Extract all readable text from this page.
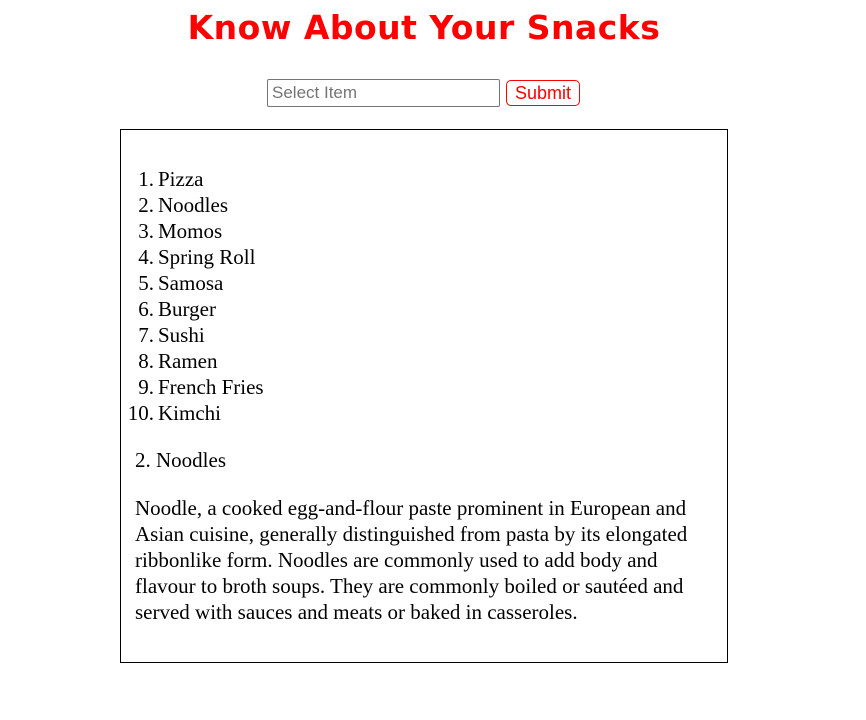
Know About Your Snacks
Select Item
Submit
1. Pizza
2. Noodles
3. Momos
4. Spring Roll
5. Samosa
6. Burger
7. Sushi
8. Ramen
9. French Fries
10. Kimchi

2. Noodles

Noodle, a cooked egg-and-flour paste prominent in European and Asian cuisine, generally distinguished from pasta by its elongated ribbonlike form. Noodles are commonly used to add body and flavour to broth soups. They are commonly boiled or sautéed and served with sauces and meats or baked in casseroles.
